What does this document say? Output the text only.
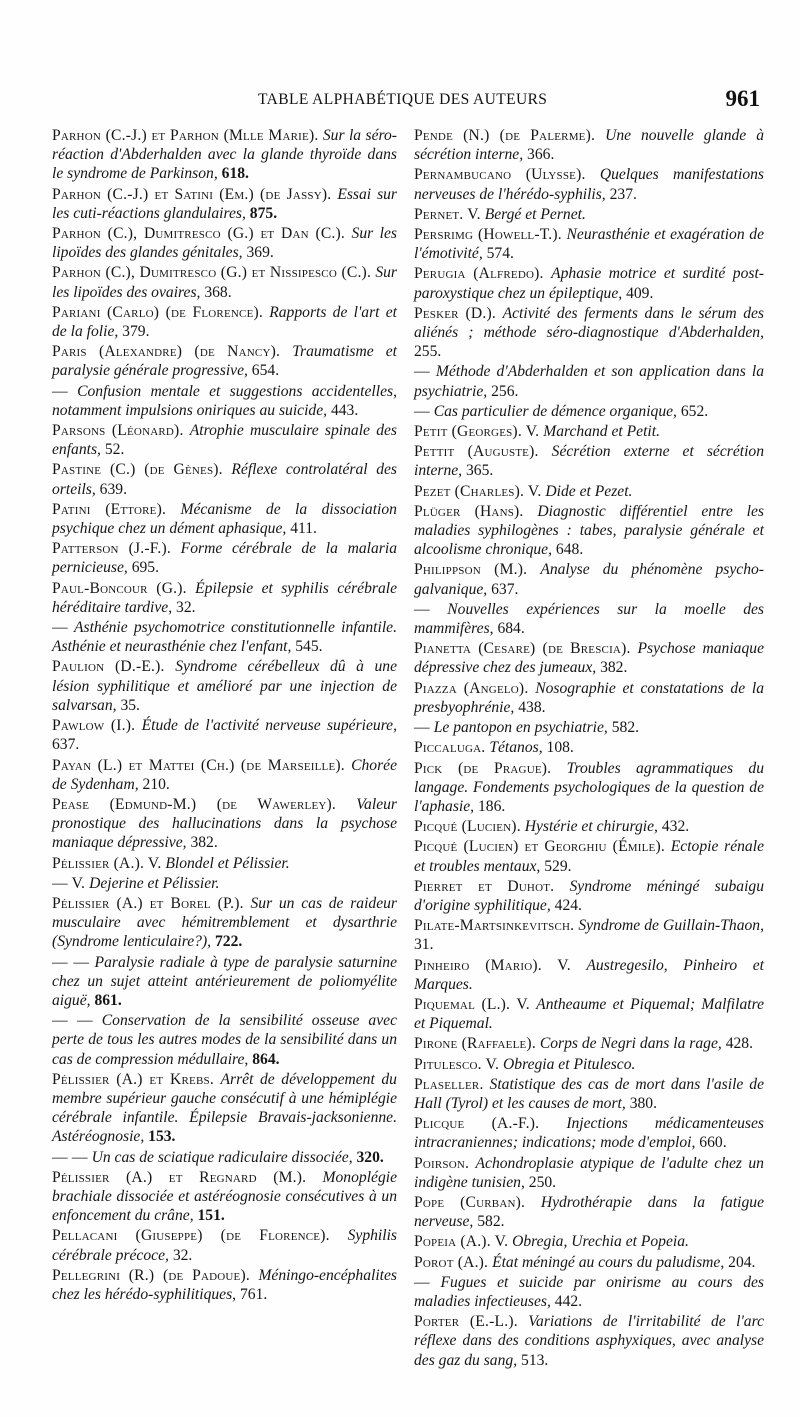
TABLE ALPHABÉTIQUE DES AUTEURS	961

Parhon (C.-J.) et Parhon (Mlle Marie). Sur la séro-réaction d'Abderhalden avec la glande thyroïde dans le syndrome de Parkinson, 618.

Parhon (C.-J.) et Satini (Em.) (de Jassy). Essai sur les cuti-réactions glandulaires, 875.

Parhon (C.), Dumitresco (G.) et Dan (C.). Sur les lipoïdes des glandes génitales, 369.

Parhon (C.), Dumitresco (G.) et Nissipesco (C.). Sur les lipoïdes des ovaires, 368.

Pariani (Carlo) (de Florence). Rapports de l'art et de la folie, 379.

Paris (Alexandre) (de Nancy). Traumatisme et paralysie générale progressive, 654.

— Confusion mentale et suggestions accidentelles, notamment impulsions oniriques au suicide, 443.

Parsons (Léonard). Atrophie musculaire spinale des enfants, 52.

Pastine (C.) (de Gènes). Réflexe controlatéral des orteils, 639.

Patini (Ettore). Mécanisme de la dissociation psychique chez un dément aphasique, 411.

Patterson (J.-F.). Forme cérébrale de la malaria pernicieuse, 695.

Paul-Boncour (G.). Épilepsie et syphilis cérébrale héréditaire tardive, 32.

— Asthénie psychomotrice constitutionnelle infantile. Asthénie et neurasthénie chez l'enfant, 545.

Paulion (D.-E.). Syndrome cérébelleux dû à une lésion syphilitique et amélioré par une injection de salvarsan, 35.

Pawlow (I.). Étude de l'activité nerveuse supérieure, 637.

Payan (L.) et Mattei (Ch.) (de Marseille). Chorée de Sydenham, 210.

Pease (Edmund-M.) (de Wawerley). Valeur pronostique des hallucinations dans la psychose maniaque dépressive, 382.

Pélissier (A.). V. Blondel et Pélissier.

— V. Dejerine et Pélissier.

Pélissier (A.) et Borel (P.). Sur un cas de raideur musculaire avec hémitremblement et dysarthrie (Syndrome lenticulaire?), 722.

— — Paralysie radiale à type de paralysie saturnine chez un sujet atteint antérieurement de poliomyélite aiguë, 861.

— — Conservation de la sensibilité osseuse avec perte de tous les autres modes de la sensibilité dans un cas de compression médullaire, 864.

Pélissier (A.) et Krebs. Arrêt de développement du membre supérieur gauche consécutif à une hémiplégie cérébrale infantile. Épilepsie Bravais-jacksonienne. Astéréognosie, 153.

— — Un cas de sciatique radiculaire dissociée, 320.

Pélissier (A.) et Regnard (M.). Monoplégie brachiale dissociée et astéréognosie consécutives à un enfoncement du crâne, 151.

Pellacani (Giuseppe) (de Florence). Syphilis cérébrale précoce, 32.

Pellegrini (R.) (de Padoue). Méningo-encéphalites chez les hérédo-syphilitiques, 761.

Pende (N.) (de Palerme). Une nouvelle glande à sécrétion interne, 366.

Pernambucano (Ulysse). Quelques manifestations nerveuses de l'hérédo-syphilis, 237.

Pernet. V. Bergé et Pernet.

Persrimg (Howell-T.). Neurasthénie et exagération de l'émotivité, 574.

Perugia (Alfredo). Aphasie motrice et surdité post-paroxystique chez un épileptique, 409.

Pesker (D.). Activité des ferments dans le sérum des aliénés ; méthode séro-diagnostique d'Abderhalden, 255.

— Méthode d'Abderhalden et son application dans la psychiatrie, 256.

— Cas particulier de démence organique, 652.

Petit (Georges). V. Marchand et Petit.

Pettit (Auguste). Sécrétion externe et sécrétion interne, 365.

Pezet (Charles). V. Dide et Pezet.

Plüger (Hans). Diagnostic différentiel entre les maladies syphilogènes : tabes, paralysie générale et alcoolisme chronique, 648.

Philippson (M.). Analyse du phénomène psycho-galvanique, 637.

— Nouvelles expériences sur la moelle des mammifères, 684.

Pianetta (Cesare) (de Brescia). Psychose maniaque dépressive chez des jumeaux, 382.

Piazza (Angelo). Nosographie et constatations de la presbyophrénie, 438.

— Le pantopon en psychiatrie, 582.

Piccaluga. Tétanos, 108.

Pick (de Prague). Troubles agrammatiques du langage. Fondements psychologiques de la question de l'aphasie, 186.

Picqué (Lucien). Hystérie et chirurgie, 432.

Picqué (Lucien) et Georghiu (Émile). Ectopie rénale et troubles mentaux, 529.

Pierret et Duhot. Syndrome méningé subaigu d'origine syphilitique, 424.

Pilate-Martsinkevitsch. Syndrome de Guillain-Thaon, 31.

Pinheiro (Mario). V. Austregesilo, Pinheiro et Marques.

Piquemal (L.). V. Antheaume et Piquemal; Malfilatre et Piquemal.

Pirone (Raffaele). Corps de Negri dans la rage, 428.

Pitulesco. V. Obregia et Pitulesco.

Plaseller. Statistique des cas de mort dans l'asile de Hall (Tyrol) et les causes de mort, 380.

Plicque (A.-F.). Injections médicamenteuses intracraniennes; indications; mode d'emploi, 660.

Poirson. Achondroplasie atypique de l'adulte chez un indigène tunisien, 250.

Pope (Curban). Hydrothérapie dans la fatigue nerveuse, 582.

Popeia (A.). V. Obregia, Urechia et Popeia.

Porot (A.). État méningé au cours du paludisme, 204.

— Fugues et suicide par onirisme au cours des maladies infectieuses, 442.

Porter (E.-L.). Variations de l'irritabilité de l'arc réflexe dans des conditions asphyxiques, avec analyse des gaz du sang, 513.
